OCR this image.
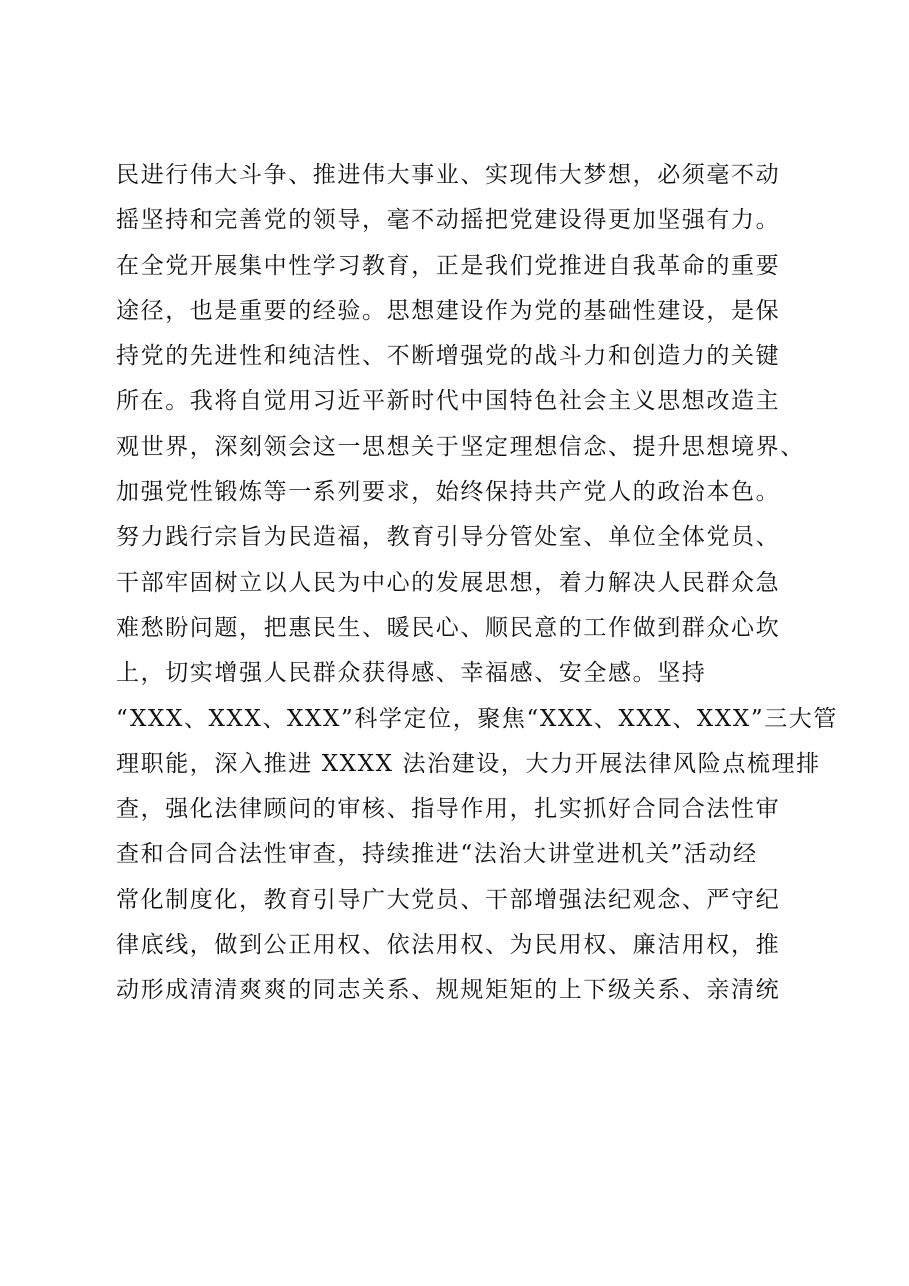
民进行伟大斗争、推进伟大事业、实现伟大梦想，必须毫不动
摇坚持和完善党的领导，毫不动摇把党建设得更加坚强有力。
在全党开展集中性学习教育，正是我们党推进自我革命的重要
途径，也是重要的经验。思想建设作为党的基础性建设，是保
持党的先进性和纯洁性、不断增强党的战斗力和创造力的关键
所在。我将自觉用习近平新时代中国特色社会主义思想改造主
观世界，深刻领会这一思想关于坚定理想信念、提升思想境界、
加强党性锻炼等一系列要求，始终保持共产党人的政治本色。
努力践行宗旨为民造福，教育引导分管处室、单位全体党员、
干部牢固树立以人民为中心的发展思想，着力解决人民群众急
难愁盼问题，把惠民生、暖民心、顺民意的工作做到群众心坎
上，切实增强人民群众获得感、幸福感、安全感。坚持
“XXX、XXX、XXX”科学定位，聚焦“XXX、XXX、XXX”三大管
理职能，深入推进 XXXX 法治建设，大力开展法律风险点梳理排
查，强化法律顾问的审核、指导作用，扎实抓好合同合法性审
查和合同合法性审查，持续推进“法治大讲堂进机关”活动经
常化制度化，教育引导广大党员、干部增强法纪观念、严守纪
律底线，做到公正用权、依法用权、为民用权、廉洁用权，推
动形成清清爽爽的同志关系、规规矩矩的上下级关系、亲清统
